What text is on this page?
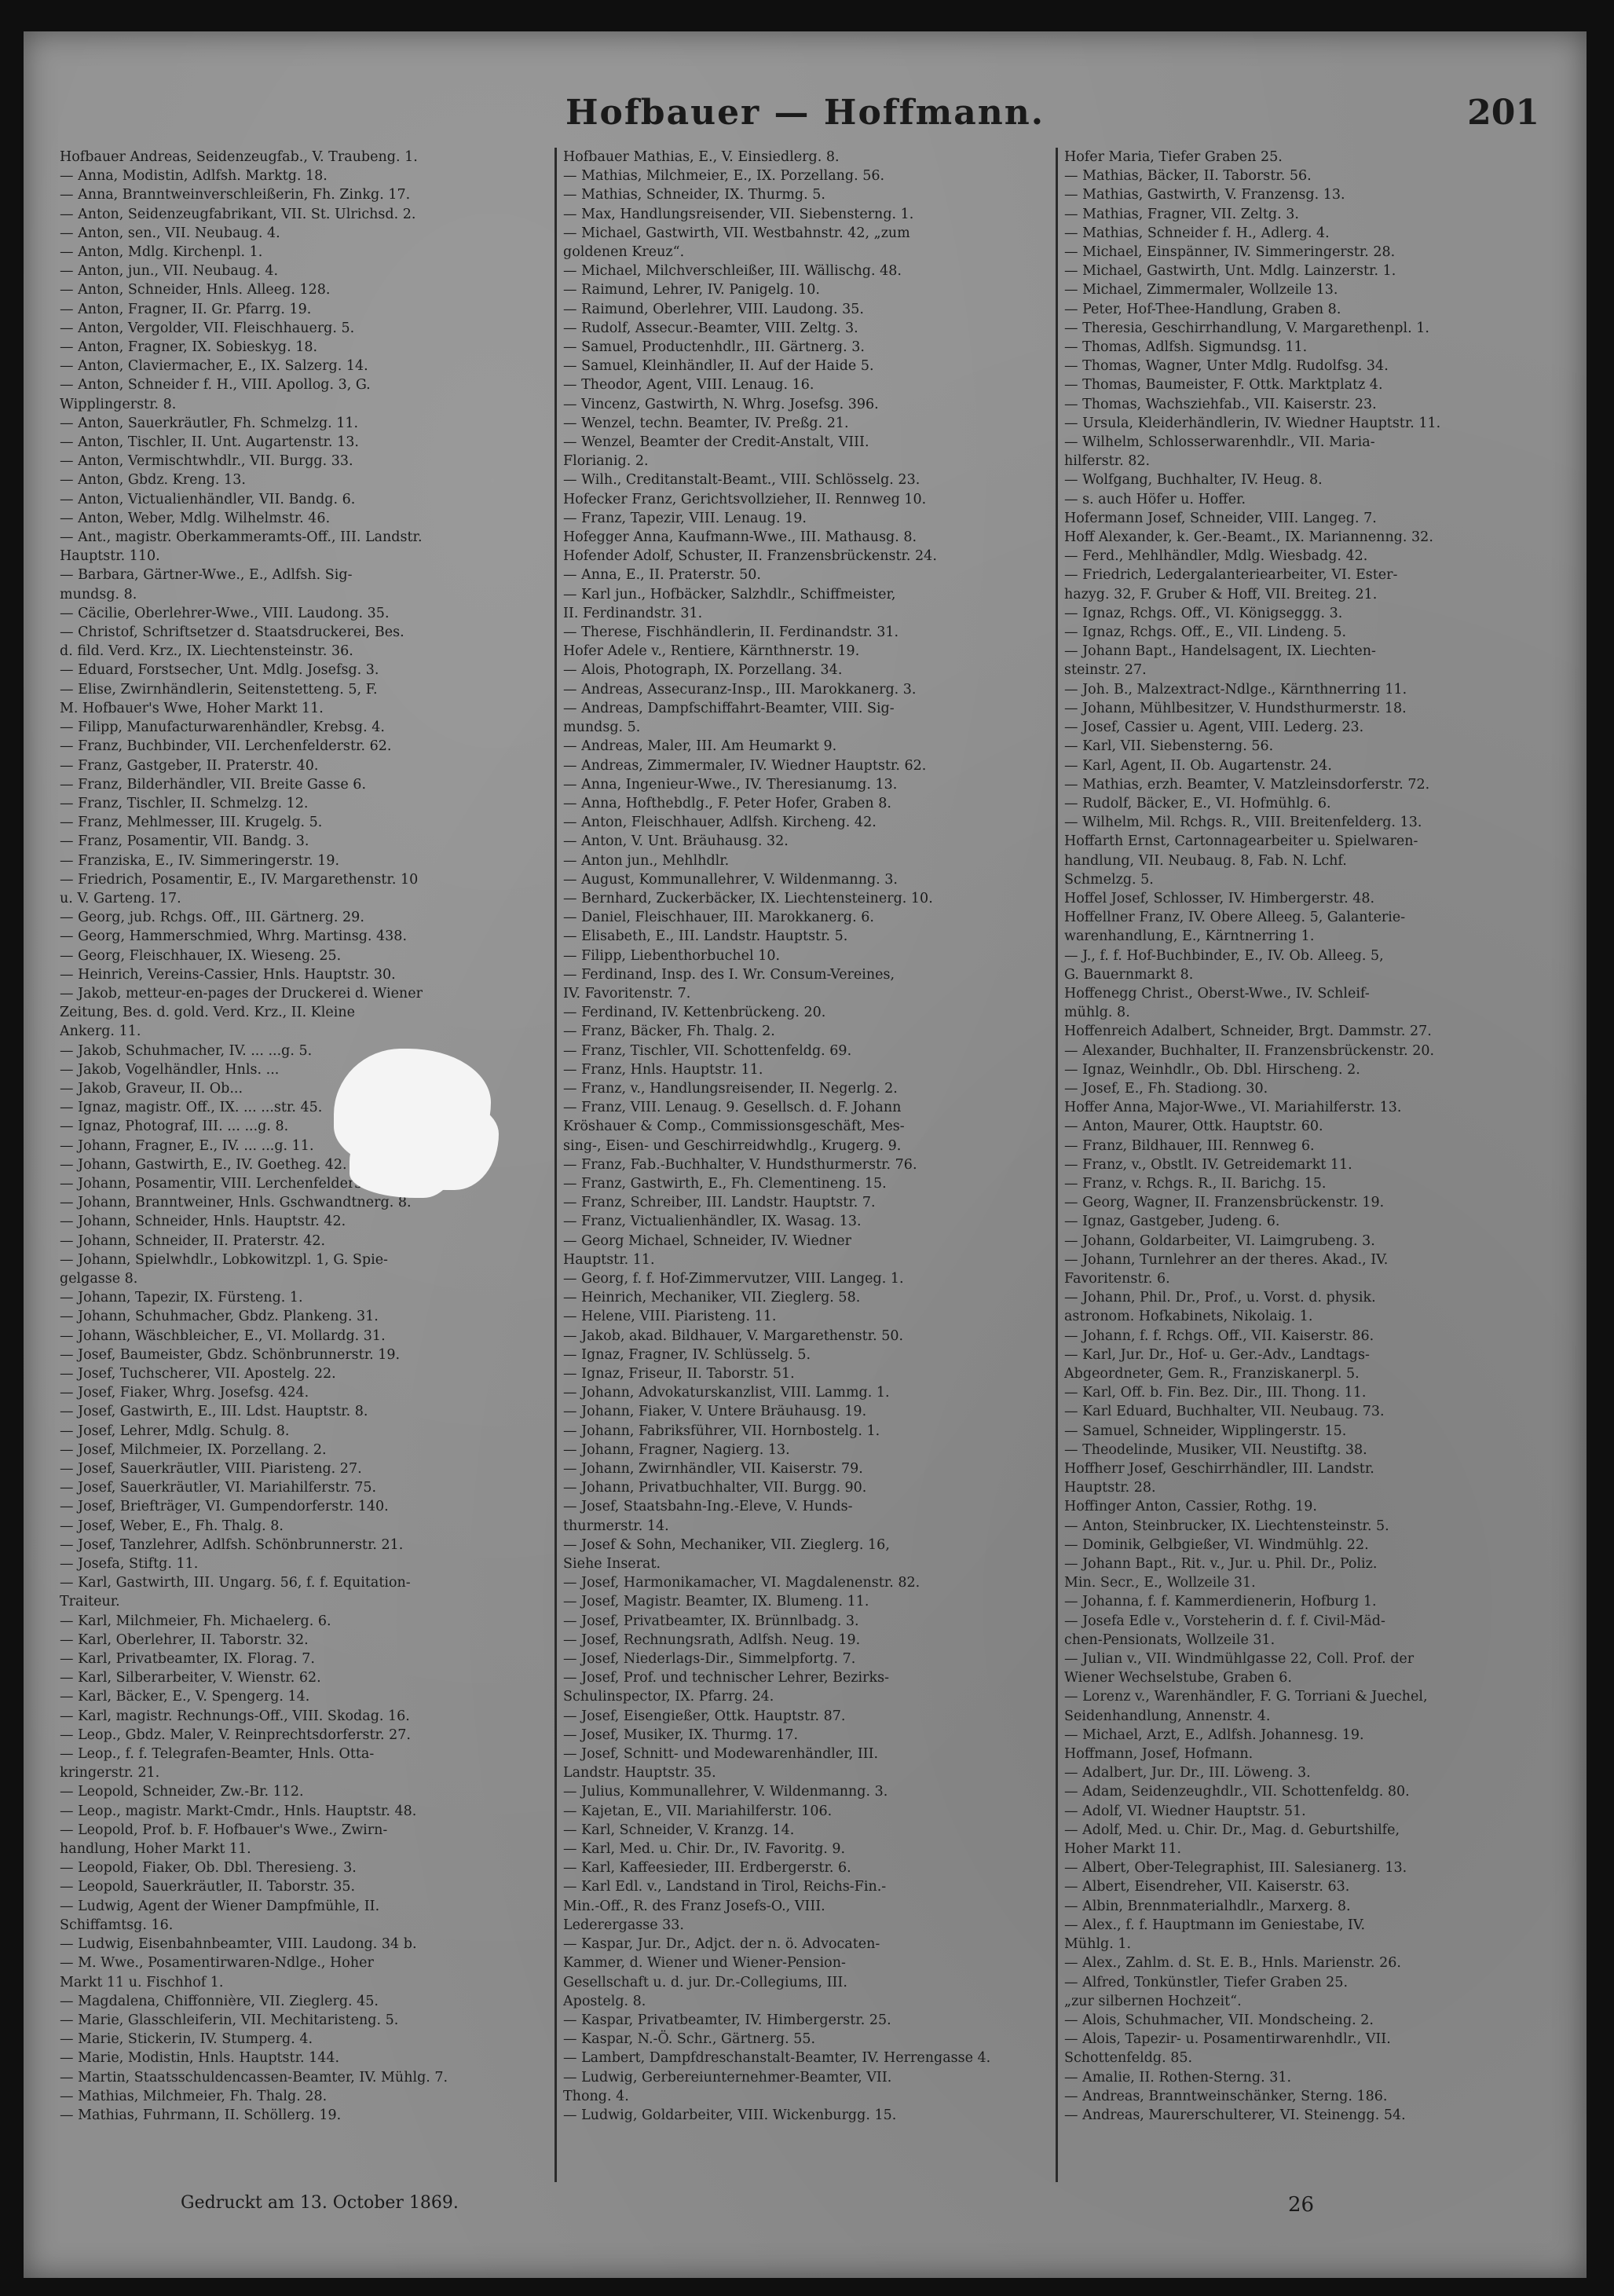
Hofbauer — Hoffmann.	201
Hofbauer Andreas, Seidenzeugfab., V. Traubeng. 1.
— Anna, Modistin, Adlfsh. Marktg. 18.
— Anna, Branntweinverschleißerin, Fh. Zinkg. 17.
— Anton, Seidenzeugfabrikant, VII. St. Ulrichsd. 2.
— Anton, sen., VII. Neubaug. 4.
— Anton, Mdlg. Kirchenpl. 1.
— Anton, jun., VII. Neubaug. 4.
— Anton, Schneider, Hnls. Alleeg. 128.
— Anton, Fragner, II. Gr. Pfarrg. 19.
— Anton, Vergolder, VII. Fleischhauerg. 5.
— Anton, Fragner, IX. Sobieskyg. 18.
— Anton, Claviermacher, E., IX. Salzerg. 14.
— Anton, Schneider f. H., VIII. Apollog. 3, G.
Wipplingerstr. 8.
— Anton, Sauerkräutler, Fh. Schmelzg. 11.
— Anton, Tischler, II. Unt. Augartenstr. 13.
— Anton, Vermischtwhdlr., VII. Burgg. 33.
— Anton, Gbdz. Kreng. 13.
— Anton, Victualienhändler, VII. Bandg. 6.
— Anton, Weber, Mdlg. Wilhelmstr. 46.
— Ant., magistr. Oberkammeramts-Off., III. Landstr.
Hauptstr. 110.
— Barbara, Gärtner-Wwe., E., Adlfsh. Sig-
mundsg. 8.
— Cäcilie, Oberlehrer-Wwe., VIII. Laudong. 35.
— Christof, Schriftsetzer d. Staatsdruckerei, Bes.
d. fild. Verd. Krz., IX. Liechtensteinstr. 36.
— Eduard, Forstsecher, Unt. Mdlg. Josefsg. 3.
— Elise, Zwirnhändlerin, Seitenstetteng. 5, F.
M. Hofbauer's Wwe, Hoher Markt 11.
— Filipp, Manufacturwarenhändler, Krebsg. 4.
— Franz, Buchbinder, VII. Lerchenfelderstr. 62.
— Franz, Gastgeber, II. Praterstr. 40.
— Franz, Bilderhändler, VII. Breite Gasse 6.
— Franz, Tischler, II. Schmelzg. 12.
— Franz, Mehlmesser, III. Krugelg. 5.
— Franz, Posamentir, VII. Bandg. 3.
— Franziska, E., IV. Simmeringerstr. 19.
— Friedrich, Posamentir, E., IV. Margarethenstr. 10
u. V. Garteng. 17.
— Georg, jub. Rchgs. Off., III. Gärtnerg. 29.
— Georg, Hammerschmied, Whrg. Martinsg. 438.
— Georg, Fleischhauer, IX. Wieseng. 25.
— Heinrich, Vereins-Cassier, Hnls. Hauptstr. 30.
— Jakob, metteur-en-pages der Druckerei d. Wiener
Zeitung, Bes. d. gold. Verd. Krz., II. Kleine
Ankerg. 11.
— Jakob, Schuhmacher, IV. ... ...g. 5.
— Jakob, Vogelhändler, Hnls. ...
— Jakob, Graveur, II. Ob...
— Ignaz, magistr. Off., IX. ... ...str. 45.
— Ignaz, Photograf, III. ... ...g. 8.
— Johann, Fragner, E., IV. ... ...g. 11.
— Johann, Gastwirth, E., IV. Goetheg. 42.
— Johann, Posamentir, VIII. Lerchenfelderstr. 72.
— Johann, Branntweiner, Hnls. Gschwandtnerg. 8.
— Johann, Schneider, Hnls. Hauptstr. 42.
— Johann, Schneider, II. Praterstr. 42.
— Johann, Spielwhdlr., Lobkowitzpl. 1, G. Spie-
gelgasse 8.
— Johann, Tapezir, IX. Fürsteng. 1.
— Johann, Schuhmacher, Gbdz. Plankeng. 31.
— Johann, Wäschbleicher, E., VI. Mollardg. 31.
— Josef, Baumeister, Gbdz. Schönbrunnerstr. 19.
— Josef, Tuchscherer, VII. Apostelg. 22.
— Josef, Fiaker, Whrg. Josefsg. 424.
— Josef, Gastwirth, E., III. Ldst. Hauptstr. 8.
— Josef, Lehrer, Mdlg. Schulg. 8.
— Josef, Milchmeier, IX. Porzellang. 2.
— Josef, Sauerkräutler, VIII. Piaristeng. 27.
— Josef, Sauerkräutler, VI. Mariahilferstr. 75.
— Josef, Briefträger, VI. Gumpendorferstr. 140.
— Josef, Weber, E., Fh. Thalg. 8.
— Josef, Tanzlehrer, Adlfsh. Schönbrunnerstr. 21.
— Josefa, Stiftg. 11.
— Karl, Gastwirth, III. Ungarg. 56, f. f. Equitation-
Traiteur.
— Karl, Milchmeier, Fh. Michaelerg. 6.
— Karl, Oberlehrer, II. Taborstr. 32.
— Karl, Privatbeamter, IX. Florag. 7.
— Karl, Silberarbeiter, V. Wienstr. 62.
— Karl, Bäcker, E., V. Spengerg. 14.
— Karl, magistr. Rechnungs-Off., VIII. Skodag. 16.
— Leop., Gbdz. Maler, V. Reinprechtsdorferstr. 27.
— Leop., f. f. Telegrafen-Beamter, Hnls. Otta-
kringerstr. 21.
— Leopold, Schneider, Zw.-Br. 112.
— Leop., magistr. Markt-Cmdr., Hnls. Hauptstr. 48.
— Leopold, Prof. b. F. Hofbauer's Wwe., Zwirn-
handlung, Hoher Markt 11.
— Leopold, Fiaker, Ob. Dbl. Theresieng. 3.
— Leopold, Sauerkräutler, II. Taborstr. 35.
— Ludwig, Agent der Wiener Dampfmühle, II.
Schiffamtsg. 16.
— Ludwig, Eisenbahnbeamter, VIII. Laudong. 34 b.
— M. Wwe., Posamentirwaren-Ndlge., Hoher
Markt 11 u. Fischhof 1.
— Magdalena, Chiffonnière, VII. Zieglerg. 45.
— Marie, Glasschleiferin, VII. Mechitaristeng. 5.
— Marie, Stickerin, IV. Stumperg. 4.
— Marie, Modistin, Hnls. Hauptstr. 144.
— Martin, Staatsschuldencassen-Beamter, IV. Mühlg. 7.
— Mathias, Milchmeier, Fh. Thalg. 28.
— Mathias, Fuhrmann, II. Schöllerg. 19.
Hofbauer Mathias, E., V. Einsiedlerg. 8.
— Mathias, Milchmeier, E., IX. Porzellang. 56.
— Mathias, Schneider, IX. Thurmg. 5.
— Max, Handlungsreisender, VII. Siebensterng. 1.
— Michael, Gastwirth, VII. Westbahnstr. 42, „zum
goldenen Kreuz“.
— Michael, Milchverschleißer, III. Wällischg. 48.
— Raimund, Lehrer, IV. Panigelg. 10.
— Raimund, Oberlehrer, VIII. Laudong. 35.
— Rudolf, Assecur.-Beamter, VIII. Zeltg. 3.
— Samuel, Productenhdlr., III. Gärtnerg. 3.
— Samuel, Kleinhändler, II. Auf der Haide 5.
— Theodor, Agent, VIII. Lenaug. 16.
— Vincenz, Gastwirth, N. Whrg. Josefsg. 396.
— Wenzel, techn. Beamter, IV. Preßg. 21.
— Wenzel, Beamter der Credit-Anstalt, VIII.
Florianig. 2.
— Wilh., Creditanstalt-Beamt., VIII. Schlösselg. 23.
Hofecker Franz, Gerichtsvollzieher, II. Rennweg 10.
— Franz, Tapezir, VIII. Lenaug. 19.
Hofegger Anna, Kaufmann-Wwe., III. Mathausg. 8.
Hofender Adolf, Schuster, II. Franzensbrückenstr. 24.
— Anna, E., II. Praterstr. 50.
— Karl jun., Hofbäcker, Salzhdlr., Schiffmeister,
II. Ferdinandstr. 31.
— Therese, Fischhändlerin, II. Ferdinandstr. 31.
Hofer Adele v., Rentiere, Kärnthnerstr. 19.
— Alois, Photograph, IX. Porzellang. 34.
— Andreas, Assecuranz-Insp., III. Marokkanerg. 3.
— Andreas, Dampfschiffahrt-Beamter, VIII. Sig-
mundsg. 5.
— Andreas, Maler, III. Am Heumarkt 9.
— Andreas, Zimmermaler, IV. Wiedner Hauptstr. 62.
— Anna, Ingenieur-Wwe., IV. Theresianumg. 13.
— Anna, Hofthebdlg., F. Peter Hofer, Graben 8.
— Anton, Fleischhauer, Adlfsh. Kircheng. 42.
— Anton, V. Unt. Bräuhausg. 32.
— Anton jun., Mehlhdlr.
— August, Kommunallehrer, V. Wildenmanng. 3.
— Bernhard, Zuckerbäcker, IX. Liechtensteinerg. 10.
— Daniel, Fleischhauer, III. Marokkanerg. 6.
— Elisabeth, E., III. Landstr. Hauptstr. 5.
— Filipp, Liebenthorbuchel 10.
— Ferdinand, Insp. des I. Wr. Consum-Vereines,
IV. Favoritenstr. 7.
— Ferdinand, IV. Kettenbrückeng. 20.
— Franz, Bäcker, Fh. Thalg. 2.
— Franz, Tischler, VII. Schottenfeldg. 69.
— Franz, Hnls. Hauptstr. 11.
— Franz, v., Handlungsreisender, II. Negerlg. 2.
— Franz, VIII. Lenaug. 9. Gesellsch. d. F. Johann
Kröshauer & Comp., Commissionsgeschäft, Mes-
sing-, Eisen- und Geschirreidwhdlg., Krugerg. 9.
— Franz, Fab.-Buchhalter, V. Hundsthurmerstr. 76.
— Franz, Gastwirth, E., Fh. Clementineng. 15.
— Franz, Schreiber, III. Landstr. Hauptstr. 7.
— Franz, Victualienhändler, IX. Wasag. 13.
— Georg Michael, Schneider, IV. Wiedner
Hauptstr. 11.
— Georg, f. f. Hof-Zimmervutzer, VIII. Langeg. 1.
— Heinrich, Mechaniker, VII. Zieglerg. 58.
— Helene, VIII. Piaristeng. 11.
— Jakob, akad. Bildhauer, V. Margarethenstr. 50.
— Ignaz, Fragner, IV. Schlüsselg. 5.
— Ignaz, Friseur, II. Taborstr. 51.
— Johann, Advokaturskanzlist, VIII. Lammg. 1.
— Johann, Fiaker, V. Untere Bräuhausg. 19.
— Johann, Fabriksführer, VII. Hornbostelg. 1.
— Johann, Fragner, Nagierg. 13.
— Johann, Zwirnhändler, VII. Kaiserstr. 79.
— Johann, Privatbuchhalter, VII. Burgg. 90.
— Josef, Staatsbahn-Ing.-Eleve, V. Hunds-
thurmerstr. 14.
— Josef & Sohn, Mechaniker, VII. Zieglerg. 16,
Siehe Inserat.
— Josef, Harmonikamacher, VI. Magdalenenstr. 82.
— Josef, Magistr. Beamter, IX. Blumeng. 11.
— Josef, Privatbeamter, IX. Brünnlbadg. 3.
— Josef, Rechnungsrath, Adlfsh. Neug. 19.
— Josef, Niederlags-Dir., Simmelpfortg. 7.
— Josef, Prof. und technischer Lehrer, Bezirks-
Schulinspector, IX. Pfarrg. 24.
— Josef, Eisengießer, Ottk. Hauptstr. 87.
— Josef, Musiker, IX. Thurmg. 17.
— Josef, Schnitt- und Modewarenhändler, III.
Landstr. Hauptstr. 35.
— Julius, Kommunallehrer, V. Wildenmanng. 3.
— Kajetan, E., VII. Mariahilferstr. 106.
— Karl, Schneider, V. Kranzg. 14.
— Karl, Med. u. Chir. Dr., IV. Favoritg. 9.
— Karl, Kaffeesieder, III. Erdbergerstr. 6.
— Karl Edl. v., Landstand in Tirol, Reichs-Fin.-
Min.-Off., R. des Franz Josefs-O., VIII.
Lederergasse 33.
— Kaspar, Jur. Dr., Adjct. der n. ö. Advocaten-
Kammer, d. Wiener und Wiener-Pension-
Gesellschaft u. d. jur. Dr.-Collegiums, III.
Apostelg. 8.
— Kaspar, Privatbeamter, IV. Himbergerstr. 25.
— Kaspar, N.-Ö. Schr., Gärtnerg. 55.
— Lambert, Dampfdreschanstalt-Beamter, IV. Herrengasse 4.
— Ludwig, Gerbereiunternehmer-Beamter, VII.
Thong. 4.
— Ludwig, Goldarbeiter, VIII. Wickenburgg. 15.
Hofer Maria, Tiefer Graben 25.
— Mathias, Bäcker, II. Taborstr. 56.
— Mathias, Gastwirth, V. Franzensg. 13.
— Mathias, Fragner, VII. Zeltg. 3.
— Mathias, Schneider f. H., Adlerg. 4.
— Michael, Einspänner, IV. Simmeringerstr. 28.
— Michael, Gastwirth, Unt. Mdlg. Lainzerstr. 1.
— Michael, Zimmermaler, Wollzeile 13.
— Peter, Hof-Thee-Handlung, Graben 8.
— Theresia, Geschirrhandlung, V. Margarethenpl. 1.
— Thomas, Adlfsh. Sigmundsg. 11.
— Thomas, Wagner, Unter Mdlg. Rudolfsg. 34.
— Thomas, Baumeister, F. Ottk. Marktplatz 4.
— Thomas, Wachsziehfab., VII. Kaiserstr. 23.
— Ursula, Kleiderhändlerin, IV. Wiedner Hauptstr. 11.
— Wilhelm, Schlosserwarenhdlr., VII. Maria-
hilferstr. 82.
— Wolfgang, Buchhalter, IV. Heug. 8.
— s. auch Höfer u. Hoffer.
Hofermann Josef, Schneider, VIII. Langeg. 7.
Hoff Alexander, k. Ger.-Beamt., IX. Mariannenng. 32.
— Ferd., Mehlhändler, Mdlg. Wiesbadg. 42.
— Friedrich, Ledergalanteriearbeiter, VI. Ester-
hazyg. 32, F. Gruber & Hoff, VII. Breiteg. 21.
— Ignaz, Rchgs. Off., VI. Königseggg. 3.
— Ignaz, Rchgs. Off., E., VII. Lindeng. 5.
— Johann Bapt., Handelsagent, IX. Liechten-
steinstr. 27.
— Joh. B., Malzextract-Ndlge., Kärnthnerring 11.
— Johann, Mühlbesitzer, V. Hundsthurmerstr. 18.
— Josef, Cassier u. Agent, VIII. Lederg. 23.
— Karl, VII. Siebensterng. 56.
— Karl, Agent, II. Ob. Augartenstr. 24.
— Mathias, erzh. Beamter, V. Matzleinsdorferstr. 72.
— Rudolf, Bäcker, E., VI. Hofmühlg. 6.
— Wilhelm, Mil. Rchgs. R., VIII. Breitenfelderg. 13.
Hoffarth Ernst, Cartonnagearbeiter u. Spielwaren-
handlung, VII. Neubaug. 8, Fab. N. Lchf.
Schmelzg. 5.
Hoffel Josef, Schlosser, IV. Himbergerstr. 48.
Hoffellner Franz, IV. Obere Alleeg. 5, Galanterie-
warenhandlung, E., Kärntnerring 1.
— J., f. f. Hof-Buchbinder, E., IV. Ob. Alleeg. 5,
G. Bauernmarkt 8.
Hoffenegg Christ., Oberst-Wwe., IV. Schleif-
mühlg. 8.
Hoffenreich Adalbert, Schneider, Brgt. Dammstr. 27.
— Alexander, Buchhalter, II. Franzensbrückenstr. 20.
— Ignaz, Weinhdlr., Ob. Dbl. Hirscheng. 2.
— Josef, E., Fh. Stadiong. 30.
Hoffer Anna, Major-Wwe., VI. Mariahilferstr. 13.
— Anton, Maurer, Ottk. Hauptstr. 60.
— Franz, Bildhauer, III. Rennweg 6.
— Franz, v., Obstlt. IV. Getreidemarkt 11.
— Franz, v. Rchgs. R., II. Barichg. 15.
— Georg, Wagner, II. Franzensbrückenstr. 19.
— Ignaz, Gastgeber, Judeng. 6.
— Johann, Goldarbeiter, VI. Laimgrubeng. 3.
— Johann, Turnlehrer an der theres. Akad., IV.
Favoritenstr. 6.
— Johann, Phil. Dr., Prof., u. Vorst. d. physik.
astronom. Hofkabinets, Nikolaig. 1.
— Johann, f. f. Rchgs. Off., VII. Kaiserstr. 86.
— Karl, Jur. Dr., Hof- u. Ger.-Adv., Landtags-
Abgeordneter, Gem. R., Franziskanerpl. 5.
— Karl, Off. b. Fin. Bez. Dir., III. Thong. 11.
— Karl Eduard, Buchhalter, VII. Neubaug. 73.
— Samuel, Schneider, Wipplingerstr. 15.
— Theodelinde, Musiker, VII. Neustiftg. 38.
Hoffherr Josef, Geschirrhändler, III. Landstr.
Hauptstr. 28.
Hoffinger Anton, Cassier, Rothg. 19.
— Anton, Steinbrucker, IX. Liechtensteinstr. 5.
— Dominik, Gelbgießer, VI. Windmühlg. 22.
— Johann Bapt., Rit. v., Jur. u. Phil. Dr., Poliz.
Min. Secr., E., Wollzeile 31.
— Johanna, f. f. Kammerdienerin, Hofburg 1.
— Josefa Edle v., Vorsteherin d. f. f. Civil-Mäd-
chen-Pensionats, Wollzeile 31.
— Julian v., VII. Windmühlgasse 22, Coll. Prof. der
Wiener Wechselstube, Graben 6.
— Lorenz v., Warenhändler, F. G. Torriani & Juechel,
Seidenhandlung, Annenstr. 4.
— Michael, Arzt, E., Adlfsh. Johannesg. 19.
Hoffmann, Josef, Hofmann.
— Adalbert, Jur. Dr., III. Löweng. 3.
— Adam, Seidenzeughdlr., VII. Schottenfeldg. 80.
— Adolf, VI. Wiedner Hauptstr. 51.
— Adolf, Med. u. Chir. Dr., Mag. d. Geburtshilfe,
Hoher Markt 11.
— Albert, Ober-Telegraphist, III. Salesianerg. 13.
— Albert, Eisendreher, VII. Kaiserstr. 63.
— Albin, Brennmaterialhdlr., Marxerg. 8.
— Alex., f. f. Hauptmann im Geniestabe, IV.
Mühlg. 1.
— Alex., Zahlm. d. St. E. B., Hnls. Marienstr. 26.
— Alfred, Tonkünstler, Tiefer Graben 25.
„zur silbernen Hochzeit“.
— Alois, Schuhmacher, VII. Mondscheing. 2.
— Alois, Tapezir- u. Posamentirwarenhdlr., VII.
Schottenfeldg. 85.
— Amalie, II. Rothen-Sterng. 31.
— Andreas, Branntweinschänker, Sterng. 186.
— Andreas, Maurerschulterer, VI. Steinengg. 54.
Gedruckt am 13. October 1869.	26
